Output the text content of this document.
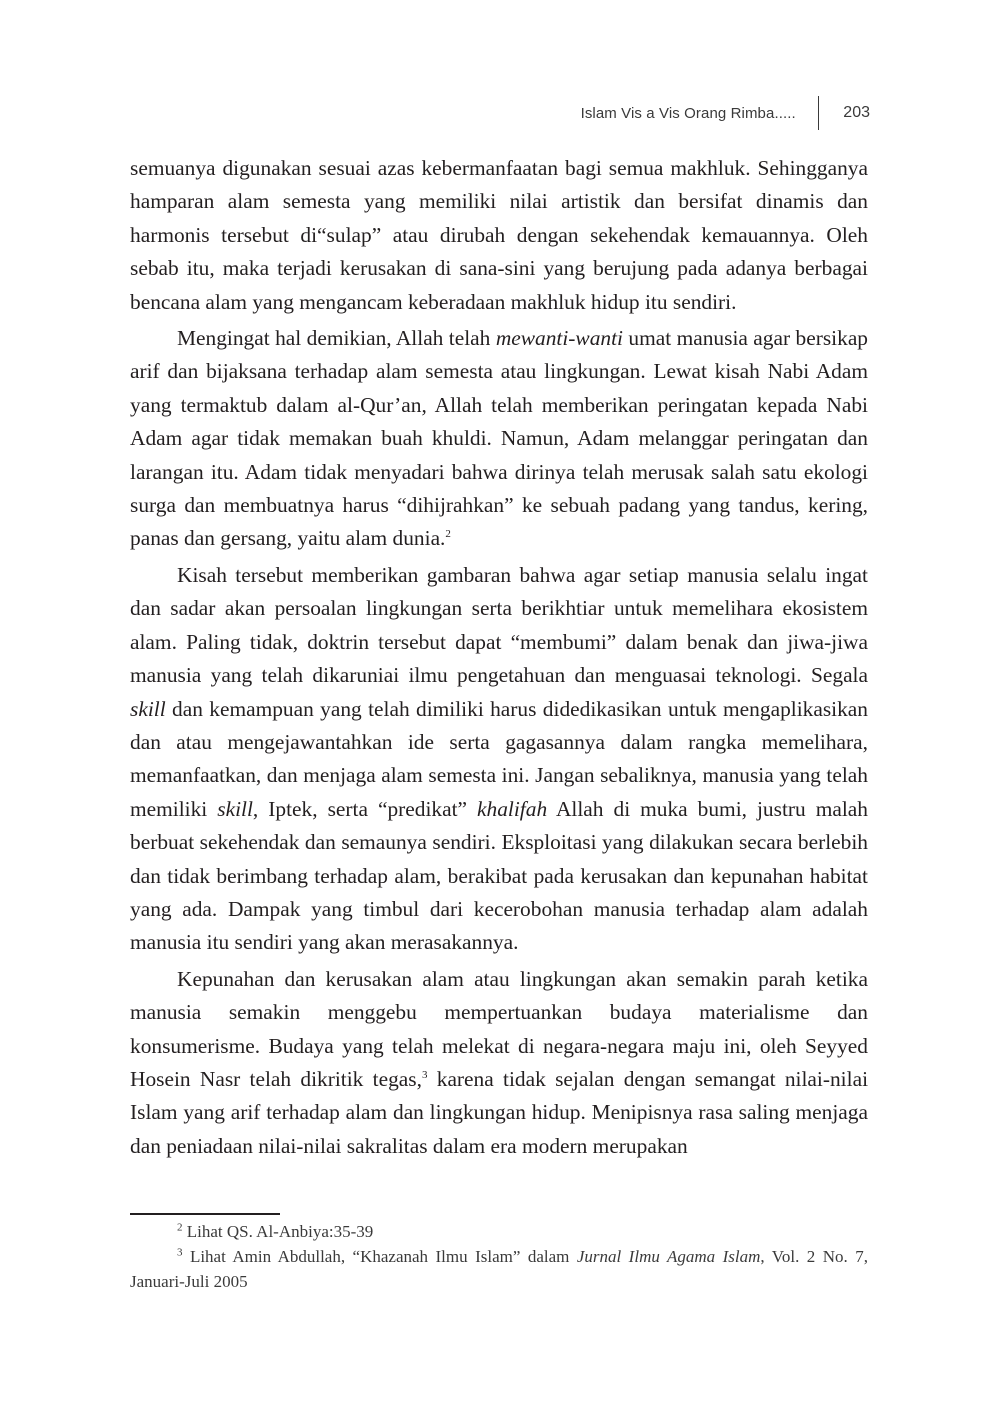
Islam Vis a Vis Orang Rimba.....	203

semuanya digunakan sesuai azas kebermanfaatan bagi semua makhluk. Sehingganya hamparan alam semesta yang memiliki nilai artistik dan bersifat dinamis dan harmonis tersebut di“sulap” atau dirubah dengan sekehendak kemauannya. Oleh sebab itu, maka terjadi kerusakan di sana-sini yang berujung pada adanya berbagai bencana alam yang mengancam keberadaan makhluk hidup itu sendiri.

Mengingat hal demikian, Allah telah mewanti-wanti umat manusia agar bersikap arif dan bijaksana terhadap alam semesta atau lingkungan. Lewat kisah Nabi Adam yang termaktub dalam al-Qur’an, Allah telah memberikan peringatan kepada Nabi Adam agar tidak memakan buah khuldi. Namun, Adam melanggar peringatan dan larangan itu. Adam tidak menyadari bahwa dirinya telah merusak salah satu ekologi surga dan membuatnya harus “dihijrahkan” ke sebuah padang yang tandus, kering, panas dan gersang, yaitu alam dunia.$^2$

Kisah tersebut memberikan gambaran bahwa agar setiap manusia selalu ingat dan sadar akan persoalan lingkungan serta berikhtiar untuk memelihara ekosistem alam. Paling tidak, doktrin tersebut dapat “membumi” dalam benak dan jiwa-jiwa manusia yang telah dikaruniai ilmu pengetahuan dan menguasai teknologi. Segala skill dan kemampuan yang telah dimiliki harus didedikasikan untuk mengaplikasikan dan atau mengejawantahkan ide serta gagasannya dalam rangka memelihara, memanfaatkan, dan menjaga alam semesta ini. Jangan sebaliknya, manusia yang telah memiliki skill, Iptek, serta “predikat” khalifah Allah di muka bumi, justru malah berbuat sekehendak dan semaunya sendiri. Eksploitasi yang dilakukan secara berlebih dan tidak berimbang terhadap alam, berakibat pada kerusakan dan kepunahan habitat yang ada. Dampak yang timbul dari kecerobohan manusia terhadap alam adalah manusia itu sendiri yang akan merasakannya.

Kepunahan dan kerusakan alam atau lingkungan akan semakin parah ketika manusia semakin menggebu mempertuankan budaya materialisme dan konsumerisme. Budaya yang telah melekat di negara-negara maju ini, oleh Seyyed Hosein Nasr telah dikritik tegas,$^3$ karena tidak sejalan dengan semangat nilai-nilai Islam yang arif terhadap alam dan lingkungan hidup. Menipisnya rasa saling menjaga dan peniadaan nilai-nilai sakralitas dalam era modern merupakan

$^2$ Lihat QS. Al-Anbiya:35-39

$^3$ Lihat Amin Abdullah, “Khazanah Ilmu Islam” dalam Jurnal Ilmu Agama Islam, Vol. 2 No. 7, Januari-Juli 2005
